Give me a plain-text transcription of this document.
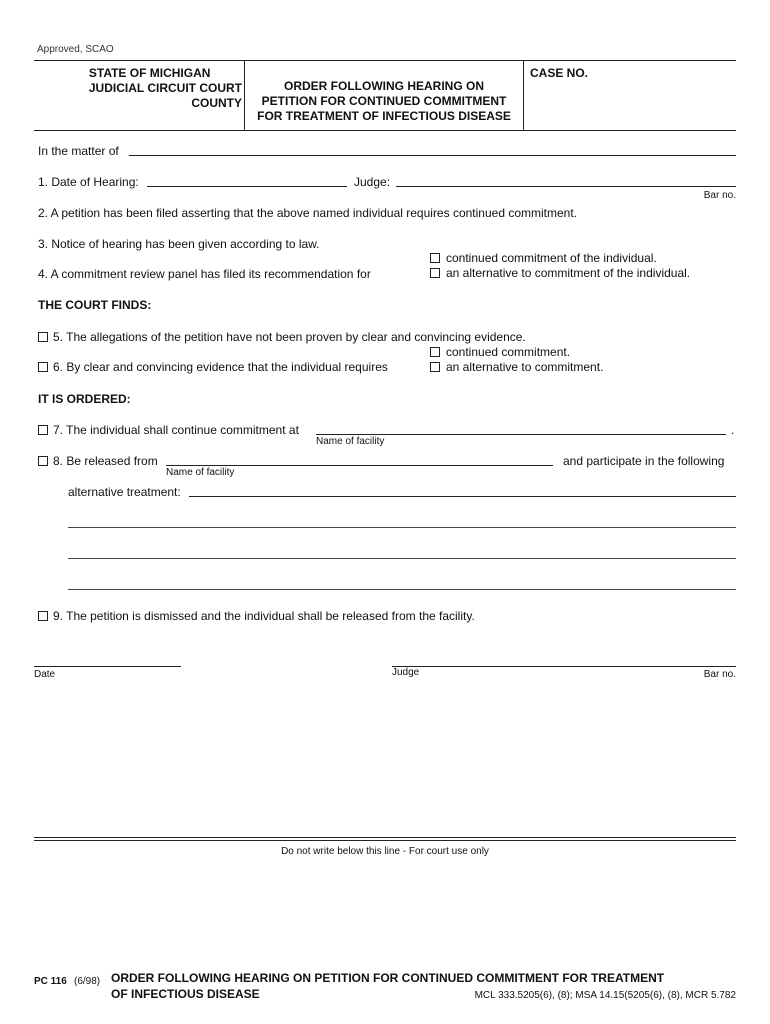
Approved, SCAO
STATE OF MICHIGAN
JUDICIAL CIRCUIT COURT
COUNTY
ORDER FOLLOWING HEARING ON
PETITION FOR CONTINUED COMMITMENT
FOR TREATMENT OF INFECTIOUS DISEASE
CASE NO.
In the matter of
1. Date of Hearing:	Judge:
Bar no.
2. A petition has been filed asserting that the above named individual requires continued commitment.
3. Notice of hearing has been given according to law.
continued commitment of the individual.
4. A commitment review panel has filed its recommendation for	an alternative to commitment of the individual.
THE COURT FINDS:
5. The allegations of the petition have not been proven by clear and convincing evidence.
continued commitment.
6. By clear and convincing evidence that the individual requires	an alternative to commitment.
IT IS ORDERED:
7. The individual shall continue commitment at	.
Name of facility
8. Be released from	and participate in the following
Name of facility
alternative treatment:
9. The petition is dismissed and the individual shall be released from the facility.
Date	Judge	Bar no.
Do not write below this line - For court use only
PC 116 (6/98) ORDER FOLLOWING HEARING ON PETITION FOR CONTINUED COMMITMENT FOR TREATMENT
OF INFECTIOUS DISEASE	MCL 333.5205(6), (8); MSA 14.15(5205(6), (8), MCR 5.782
